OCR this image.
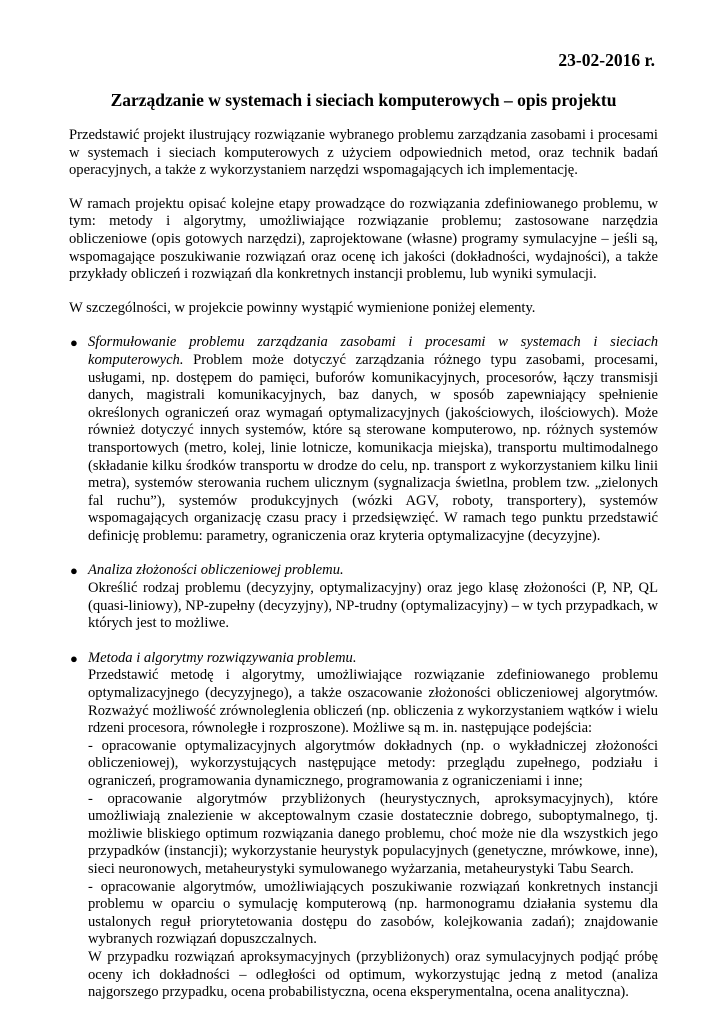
23-02-2016 r.
Zarządzanie w systemach i sieciach komputerowych – opis projektu

Przedstawić projekt ilustrujący rozwiązanie wybranego problemu zarządzania zasobami i procesami w systemach i sieciach komputerowych z użyciem odpowiednich metod, oraz technik badań operacyjnych, a także z wykorzystaniem narzędzi wspomagających ich implementację.

W ramach projektu opisać kolejne etapy prowadzące do rozwiązania zdefiniowanego problemu, w tym: metody i algorytmy, umożliwiające rozwiązanie problemu; zastosowane narzędzia obliczeniowe (opis gotowych narzędzi), zaprojektowane (własne) programy symulacyjne – jeśli są, wspomagające poszukiwanie rozwiązań oraz ocenę ich jakości (dokładności, wydajności), a także przykłady obliczeń i rozwiązań dla konkretnych instancji problemu, lub wyniki symulacji.

W szczególności, w projekcie powinny wystąpić wymienione poniżej elementy.

● Sformułowanie problemu zarządzania zasobami i procesami w systemach i sieciach komputerowych. Problem może dotyczyć zarządzania różnego typu zasobami, procesami, usługami, np. dostępem do pamięci, buforów komunikacyjnych, procesorów, łączy transmisji danych, magistrali komunikacyjnych, baz danych, w sposób zapewniający spełnienie określonych ograniczeń oraz wymagań optymalizacyjnych (jakościowych, ilościowych). Może również dotyczyć innych systemów, które są sterowane komputerowo, np. różnych systemów transportowych (metro, kolej, linie lotnicze, komunikacja miejska), transportu multimodalnego (składanie kilku środków transportu w drodze do celu, np. transport z wykorzystaniem kilku linii metra), systemów sterowania ruchem ulicznym (sygnalizacja świetlna, problem tzw. „zielonych fal ruchu”), systemów produkcyjnych (wózki AGV, roboty, transportery), systemów wspomagających organizację czasu pracy i przedsięwzięć. W ramach tego punktu przedstawić definicję problemu: parametry, ograniczenia oraz kryteria optymalizacyjne (decyzyjne).

● Analiza złożoności obliczeniowej problemu.

Określić rodzaj problemu (decyzyjny, optymalizacyjny) oraz jego klasę złożoności (P, NP, QL (quasi-liniowy), NP-zupełny (decyzyjny), NP-trudny (optymalizacyjny) – w tych przypadkach, w których jest to możliwe.

● Metoda i algorytmy rozwiązywania problemu.

Przedstawić metodę i algorytmy, umożliwiające rozwiązanie zdefiniowanego problemu optymalizacyjnego (decyzyjnego), a także oszacowanie złożoności obliczeniowej algorytmów. Rozważyć możliwość zrównoleglenia obliczeń (np. obliczenia z wykorzystaniem wątków i wielu rdzeni procesora, równoległe i rozproszone). Możliwe są m. in. następujące podejścia:

- opracowanie optymalizacyjnych algorytmów dokładnych (np. o wykładniczej złożoności obliczeniowej), wykorzystujących następujące metody: przeglądu zupełnego, podziału i ograniczeń, programowania dynamicznego, programowania z ograniczeniami i inne;

- opracowanie algorytmów przybliżonych (heurystycznych, aproksymacyjnych), które umożliwiają znalezienie w akceptowalnym czasie dostatecznie dobrego, suboptymalnego, tj. możliwie bliskiego optimum rozwiązania danego problemu, choć może nie dla wszystkich jego przypadków (instancji); wykorzystanie heurystyk populacyjnych (genetyczne, mrówkowe, inne), sieci neuronowych, metaheurystyki symulowanego wyżarzania, metaheurystyki Tabu Search.

- opracowanie algorytmów, umożliwiających poszukiwanie rozwiązań konkretnych instancji problemu w oparciu o symulację komputerową (np. harmonogramu działania systemu dla ustalonych reguł priorytetowania dostępu do zasobów, kolejkowania zadań); znajdowanie wybranych rozwiązań dopuszczalnych.

W przypadku rozwiązań aproksymacyjnych (przybliżonych) oraz symulacyjnych podjąć próbę oceny ich dokładności – odległości od optimum, wykorzystując jedną z metod (analiza najgorszego przypadku, ocena probabilistyczna, ocena eksperymentalna, ocena analityczna).
